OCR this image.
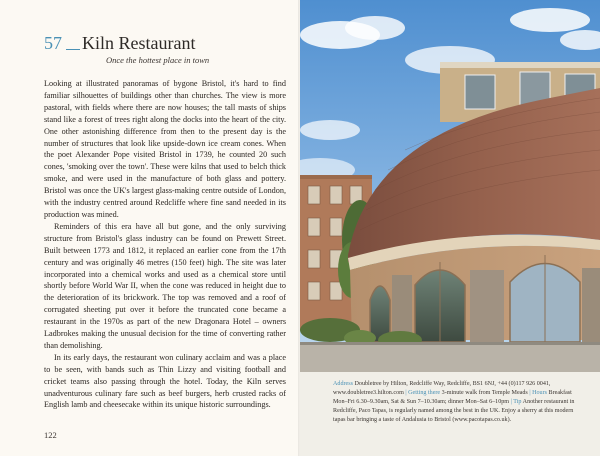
57 Kiln Restaurant
Once the hottest place in town

Looking at illustrated panoramas of bygone Bristol, it's hard to find familiar silhouettes of buildings other than churches. The view is more pastoral, with fields where there are now houses; the tall masts of ships stand like a forest of trees right along the docks into the heart of the city. One other astonishing difference from then to the present day is the number of structures that look like upside-down ice cream cones. When the poet Alexander Pope visited Bristol in 1739, he counted 20 such cones, 'smoking over the town'. These were kilns that used to belch thick smoke, and were used in the manufacture of both glass and pottery. Bristol was once the UK's largest glass-making centre outside of London, with the industry centred around Redcliffe where fine sand needed in its production was mined.

Reminders of this era have all but gone, and the only surviving structure from Bristol's glass industry can be found on Prewett Street. Built between 1773 and 1812, it replaced an earlier cone from the 17th century and was originally 46 metres (150 feet) high. The site was later incorporated into a chemical works and used as a chemical store until shortly before World War II, when the cone was reduced in height due to the deterioration of its brickwork. The top was removed and a roof of corrugated sheeting put over it before the truncated cone became a restaurant in the 1970s as part of the new Dragonara Hotel – owners Ladbrokes making the unusual decision for the time of converting rather than demolishing.

In its early days, the restaurant won culinary acclaim and was a place to be seen, with bands such as Thin Lizzy and visiting football and cricket teams also passing through the hotel. Today, the Kiln serves unadventurous culinary fare such as beef burgers, herb crusted racks of English lamb and cheesecake within its unique historic surroundings.

122
Address Doubletree by Hilton, Redcliffe Way, Redcliffe, BS1 6NJ, +44 (0)117 926 0041, www.doubletree3.hilton.com | Getting there 3-minute walk from Temple Meads | Hours Breakfast Mon–Fri 6.30–9.30am, Sat & Sun 7–10.30am; dinner Mon–Sat 6–10pm | Tip Another restaurant in Redcliffe, Paco Tapas, is regularly named among the best in the UK. Enjoy a sherry at this modern tapas bar bringing a taste of Andalusia to Bristol (www.pacotapas.co.uk).
